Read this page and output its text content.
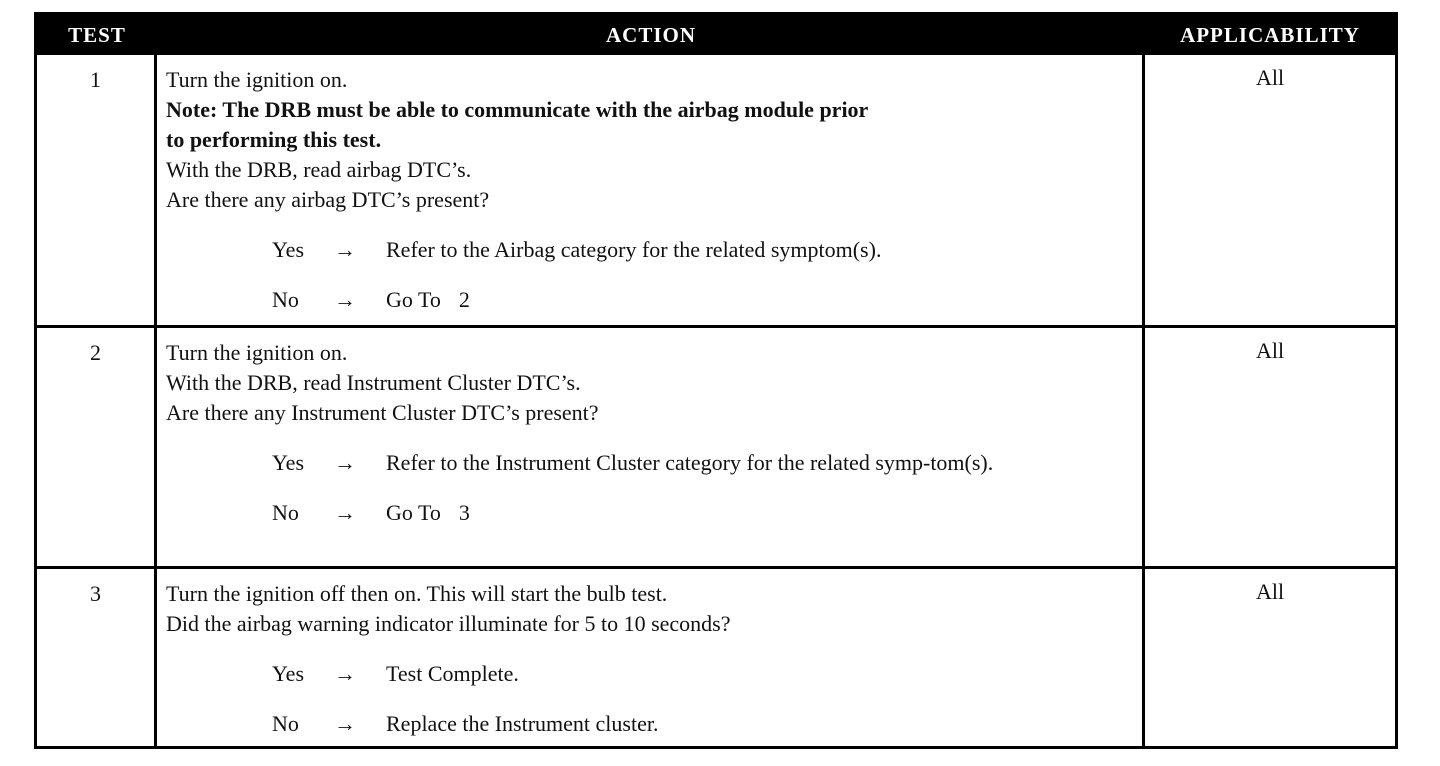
TEST	ACTION	APPLICABILITY
1	Turn the ignition on.
Note: The DRB must be able to communicate with the airbag module prior
to performing this test.
With the DRB, read airbag DTC’s.
Are there any airbag DTC’s present?
Yes	→	Refer to the Airbag category for the related symptom(s).
No	→	Go To 2
All
2	Turn the ignition on.
With the DRB, read Instrument Cluster DTC’s.
Are there any Instrument Cluster DTC’s present?
Yes	→	Refer to the Instrument Cluster category for the related symp-tom(s).
No	→	Go To 3
All
3	Turn the ignition off then on. This will start the bulb test.
Did the airbag warning indicator illuminate for 5 to 10 seconds?
Yes	→	Test Complete.
No	→	Replace the Instrument cluster.
All
